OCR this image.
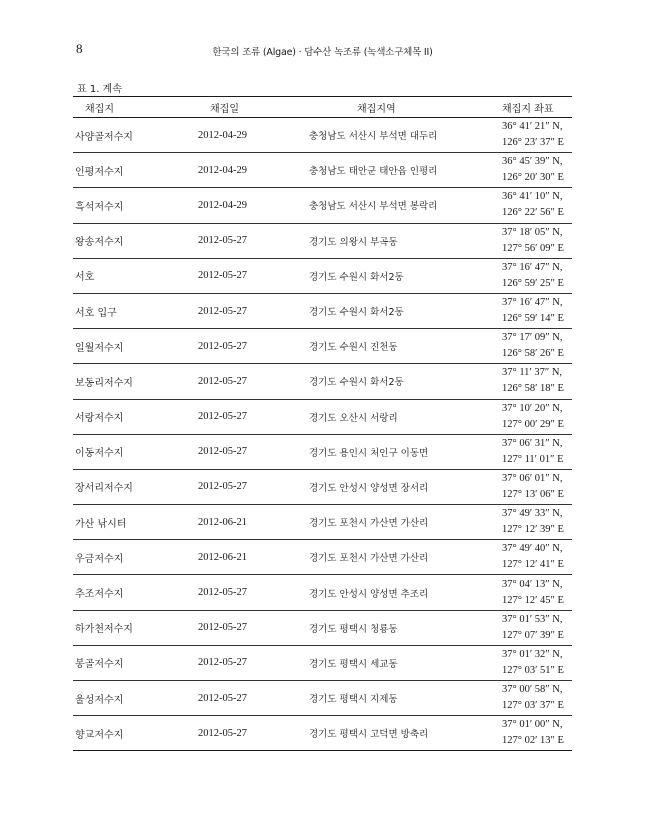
8	한국의 조류 (Algae) · 담수산 녹조류 (녹색소구체목 II)
표 1. 계속
채집지	채집일	채집지역	채집지 좌표
사양골저수지	2012-04-29	충청남도 서산시 부석면 대두리
36° 41′ 21″ N,
126° 23′ 37″ E
인평저수지	2012-04-29	충청남도 태안군 태안읍 인평리
36° 45′ 39″ N,
126° 20′ 30″ E
흑석저수지	2012-04-29	충청남도 서산시 부석면 봉락리
36° 41′ 10″ N,
126° 22′ 56″ E
왕송저수지	2012-05-27	경기도 의왕시 부곡동
37° 18′ 05″ N,
127° 56′ 09″ E
서호	2012-05-27	경기도 수원시 화서2동
37° 16′ 47″ N,
126° 59′ 25″ E
서호 입구	2012-05-27	경기도 수원시 화서2동
37° 16′ 47″ N,
126° 59′ 14″ E
일월저수지	2012-05-27	경기도 수원시 진천동
37° 17′ 09″ N,
126° 58′ 26″ E
보동리저수지	2012-05-27	경기도 수원시 화서2동
37° 11′ 37″ N,
126° 58′ 18″ E
서랑저수지	2012-05-27	경기도 오산시 서랑리
37° 10′ 20″ N,
127° 00′ 29″ E
이동저수지	2012-05-27	경기도 용인시 처인구 이동면
37° 06′ 31″ N,
127° 11′ 01″ E
장서리저수지	2012-05-27	경기도 안성시 양성면 장서리
37° 06′ 01″ N,
127° 13′ 06″ E
가산 낚시터	2012-06-21	경기도 포천시 가산면 가산리
37° 49′ 33″ N,
127° 12′ 39″ E
우금저수지	2012-06-21	경기도 포천시 가산면 가산리
37° 49′ 40″ N,
127° 12′ 41″ E
추조저수지	2012-05-27	경기도 안성시 양성면 추조리
37° 04′ 13″ N,
127° 12′ 45″ E
하가천저수지	2012-05-27	경기도 평택시 청룡동
37° 01′ 53″ N,
127° 07′ 39″ E
봉골저수지	2012-05-27	경기도 평택시 세교동
37° 01′ 32″ N,
127° 03′ 51″ E
울성저수지	2012-05-27	경기도 평택시 지제동
37° 00′ 58″ N,
127° 03′ 37″ E
향교저수지	2012-05-27	경기도 평택시 고덕면 방축리
37° 01′ 00″ N,
127° 02′ 13″ E
